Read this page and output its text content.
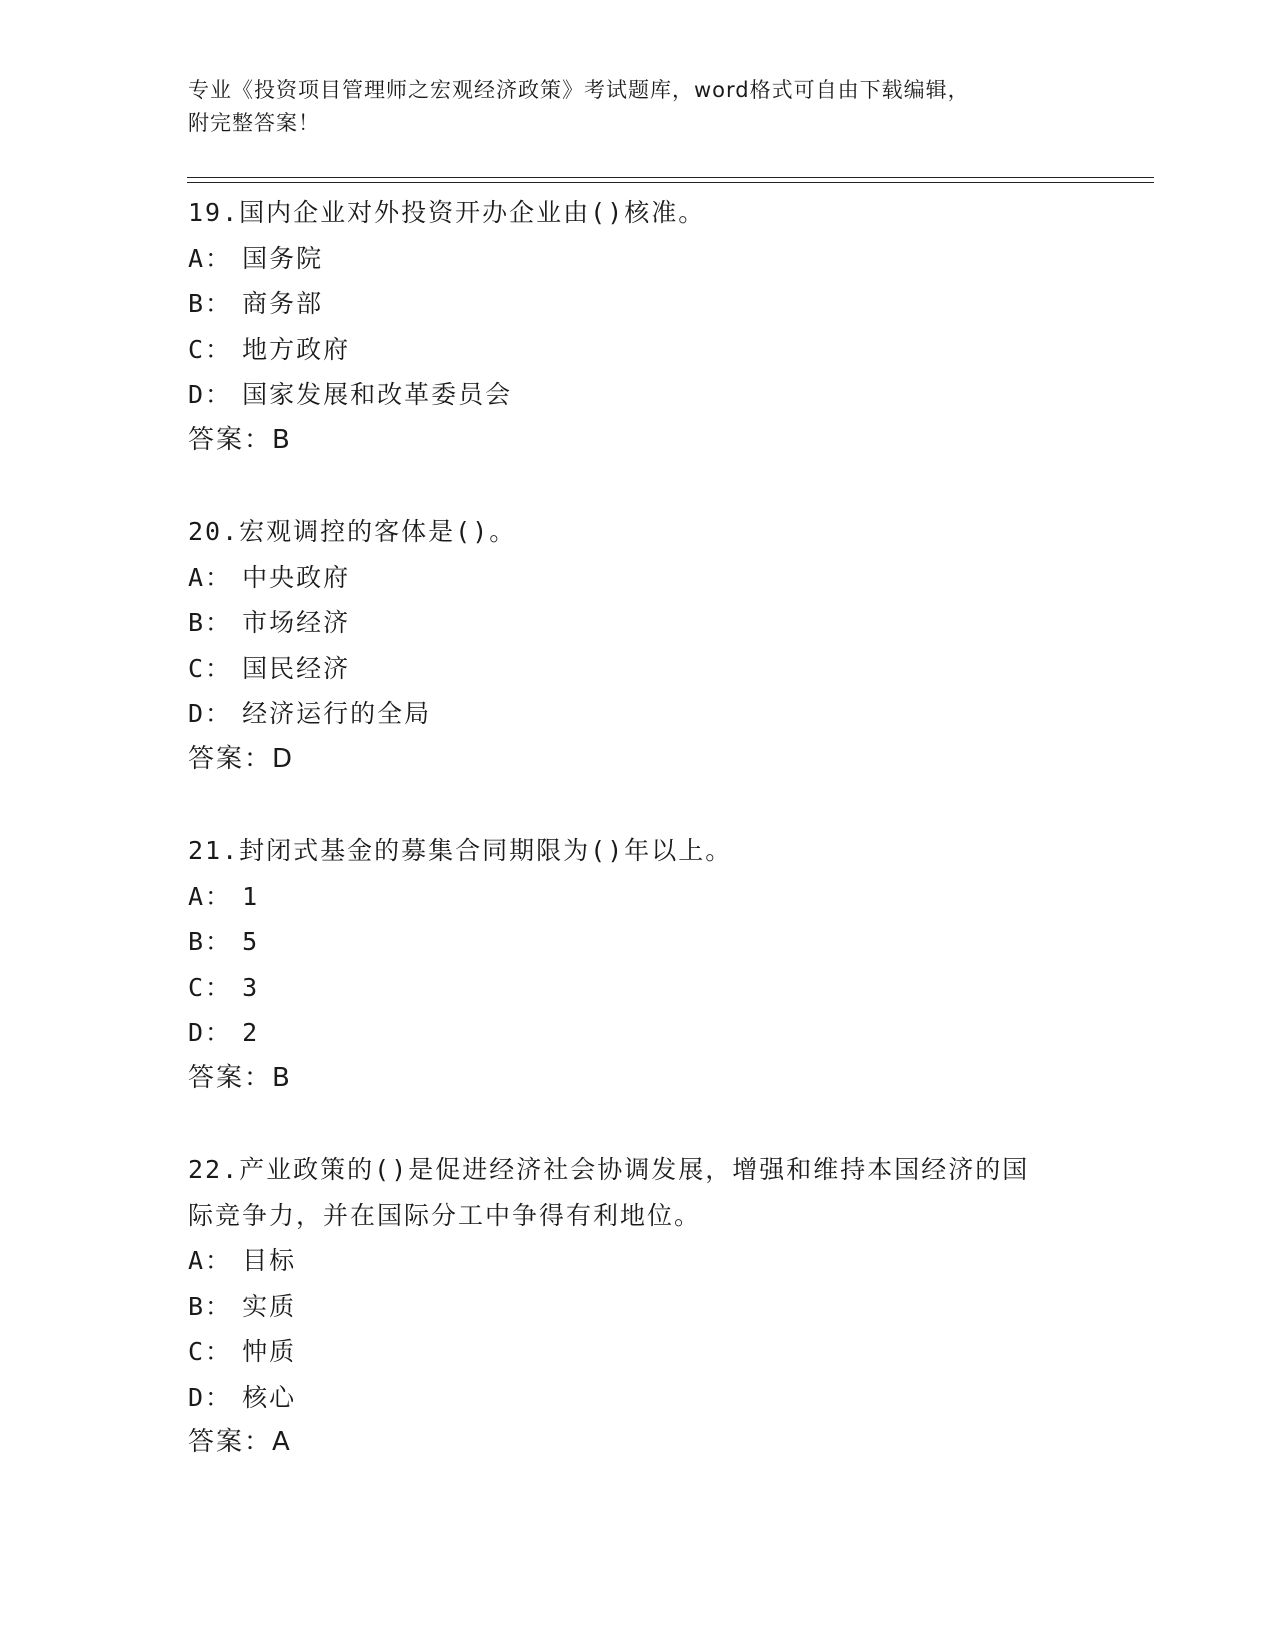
专业《投资项目管理师之宏观经济政策》考试题库，word格式可自由下载编辑，
附完整答案！
19.国内企业对外投资开办企业由()核准。
A： 国务院
B： 商务部
C： 地方政府
D： 国家发展和改革委员会
答案：B
20.宏观调控的客体是()。
A： 中央政府
B： 市场经济
C： 国民经济
D： 经济运行的全局
答案：D
21.封闭式基金的募集合同期限为()年以上。
A： 1
B： 5
C： 3
D： 2
答案：B
22.产业政策的()是促进经济社会协调发展，增强和维持本国经济的国
际竞争力，并在国际分工中争得有利地位。
A： 目标
B： 实质
C： 忡质
D： 核心
答案：A
